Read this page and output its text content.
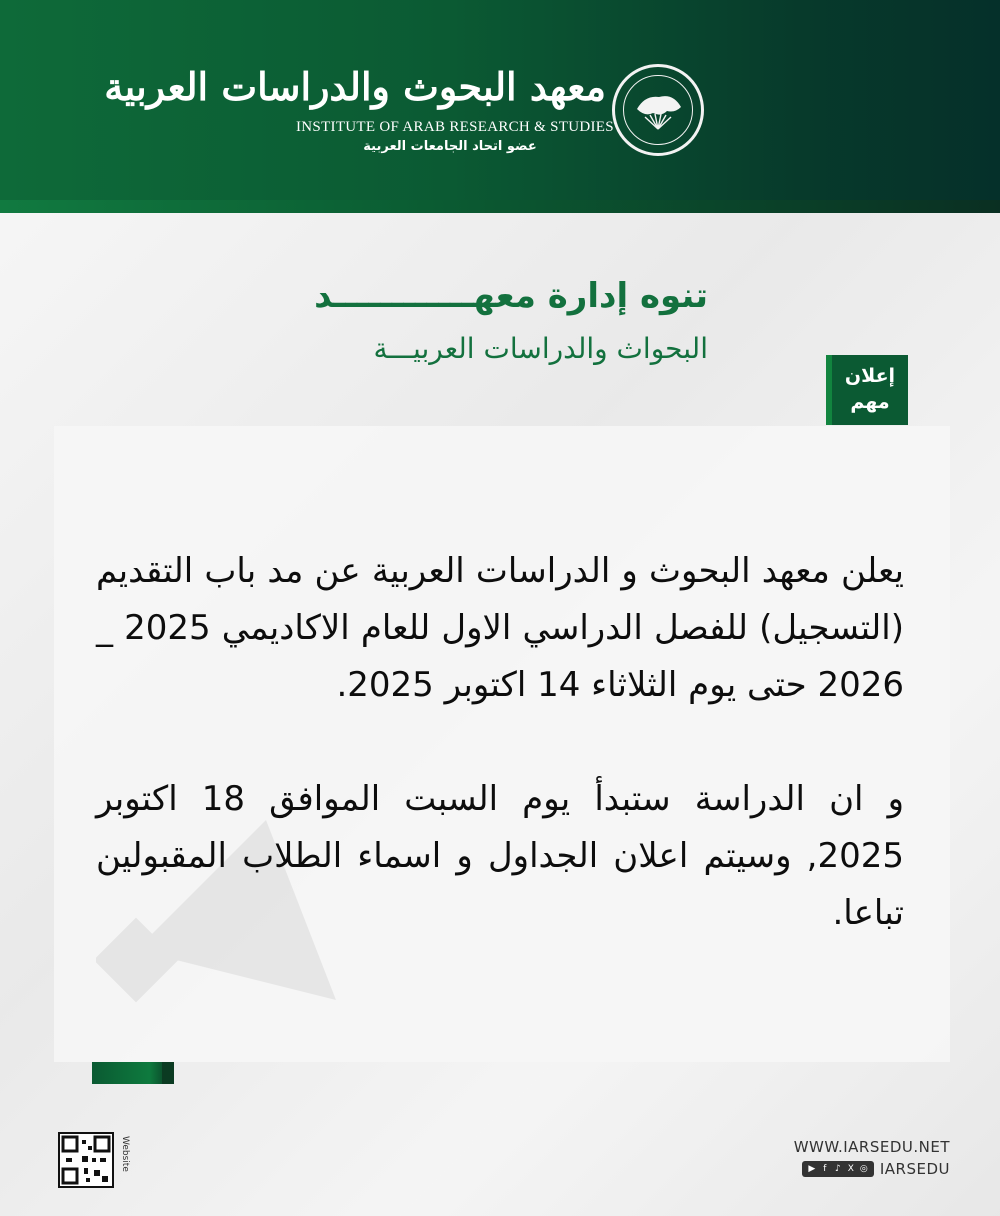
معهد البحوث والدراسات العربية
INSTITUTE OF ARAB RESEARCH & STUDIES
عضو اتحاد الجامعات العربية
تنوه إدارة معهــــــــــــد
البحواث والدراسات العربيـــة
إعلان
مهم

يعلن معهد البحوث و الدراسات العربية عن مد باب التقديم (التسجيل) للفصل الدراسي الاول للعام الاكاديمي 2025 _ 2026 حتى يوم الثلاثاء 14 اكتوبر 2025.

و ان الدراسة ستبدأ يوم السبت الموافق 18 اكتوبر 2025, وسيتم اعلان الجداول و اسماء الطلاب المقبولين تباعا.

Website	WWW.IARSEDU.NET
▶ f ♪ X ◎ IARSEDU
